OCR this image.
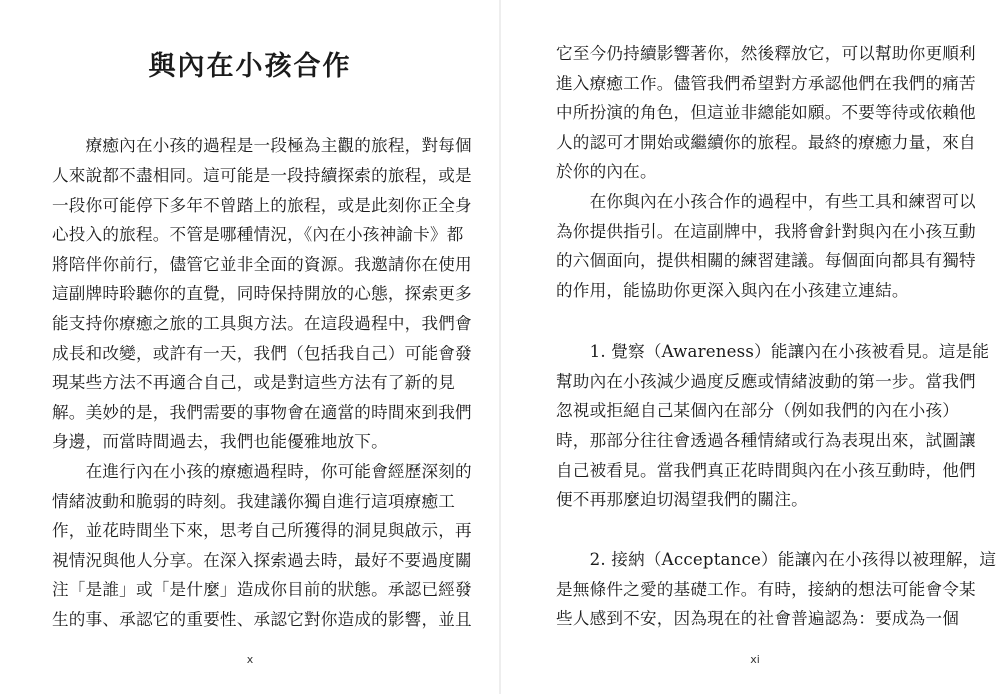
與內在小孩合作
　　療癒內在小孩的過程是一段極為主觀的旅程，對每個
人來說都不盡相同。這可能是一段持續探索的旅程，或是
一段你可能停下多年不曾踏上的旅程，或是此刻你正全身
心投入的旅程。不管是哪種情況，《內在小孩神諭卡》都
將陪伴你前行，儘管它並非全面的資源。我邀請你在使用
這副牌時聆聽你的直覺，同時保持開放的心態，探索更多
能支持你療癒之旅的工具與方法。在這段過程中，我們會
成長和改變，或許有一天，我們（包括我自己）可能會發
現某些方法不再適合自己，或是對這些方法有了新的見
解。美妙的是，我們需要的事物會在適當的時間來到我們
身邊，而當時間過去，我們也能優雅地放下。
　　在進行內在小孩的療癒過程時，你可能會經歷深刻的
情緒波動和脆弱的時刻。我建議你獨自進行這項療癒工
作，並花時間坐下來，思考自己所獲得的洞見與啟示，再
視情況與他人分享。在深入探索過去時，最好不要過度關
注「是誰」或「是什麼」造成你目前的狀態。承認已經發
生的事、承認它的重要性、承認它對你造成的影響，並且
x
它至今仍持續影響著你，然後釋放它，可以幫助你更順利
進入療癒工作。儘管我們希望對方承認他們在我們的痛苦
中所扮演的角色，但這並非總能如願。不要等待或依賴他
人的認可才開始或繼續你的旅程。最終的療癒力量，來自
於你的內在。
　　在你與內在小孩合作的過程中，有些工具和練習可以
為你提供指引。在這副牌中，我將會針對與內在小孩互動
的六個面向，提供相關的練習建議。每個面向都具有獨特
的作用，能協助你更深入與內在小孩建立連結。
　　1. 覺察（Awareness）能讓內在小孩被看見。這是能
幫助內在小孩減少過度反應或情緒波動的第一步。當我們
忽視或拒絕自己某個內在部分（例如我們的內在小孩）
時，那部分往往會透過各種情緒或行為表現出來，試圖讓
自己被看見。當我們真正花時間與內在小孩互動時，他們
便不再那麼迫切渴望我們的關注。
　　2. 接納（Acceptance）能讓內在小孩得以被理解，這
是無條件之愛的基礎工作。有時，接納的想法可能會令某
些人感到不安，因為現在的社會普遍認為：要成為一個
xi
